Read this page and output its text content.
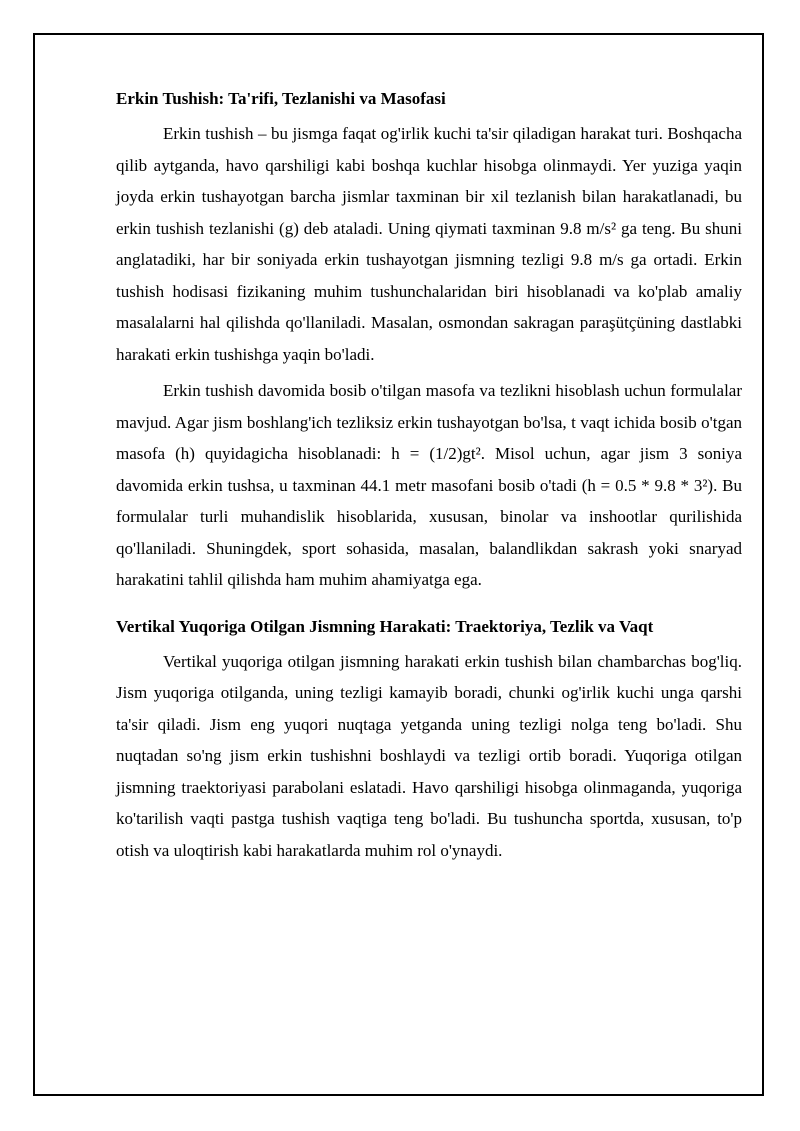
Erkin Tushish: Ta'rifi, Tezlanishi va Masofasi

Erkin tushish – bu jismga faqat og'irlik kuchi ta'sir qiladigan harakat turi. Boshqacha qilib aytganda, havo qarshiligi kabi boshqa kuchlar hisobga olinmaydi. Yer yuziga yaqin joyda erkin tushayotgan barcha jismlar taxminan bir xil tezlanish bilan harakatlanadi, bu erkin tushish tezlanishi (g) deb ataladi. Uning qiymati taxminan 9.8 m/s² ga teng. Bu shuni anglatadiki, har bir soniyada erkin tushayotgan jismning tezligi 9.8 m/s ga ortadi. Erkin tushish hodisasi fizikaning muhim tushunchalaridan biri hisoblanadi va ko'plab amaliy masalalarni hal qilishda qo'llaniladi. Masalan, osmondan sakragan paraşütçüning dastlabki harakati erkin tushishga yaqin bo'ladi.

Erkin tushish davomida bosib o'tilgan masofa va tezlikni hisoblash uchun formulalar mavjud. Agar jism boshlang'ich tezliksiz erkin tushayotgan bo'lsa, t vaqt ichida bosib o'tgan masofa (h) quyidagicha hisoblanadi: h = (1/2)gt². Misol uchun, agar jism 3 soniya davomida erkin tushsa, u taxminan 44.1 metr masofani bosib o'tadi (h = 0.5 * 9.8 * 3²). Bu formulalar turli muhandislik hisoblarida, xususan, binolar va inshootlar qurilishida qo'llaniladi. Shuningdek, sport sohasida, masalan, balandlikdan sakrash yoki snaryad harakatini tahlil qilishda ham muhim ahamiyatga ega.

Vertikal Yuqoriga Otilgan Jismning Harakati: Traektoriya, Tezlik va Vaqt

Vertikal yuqoriga otilgan jismning harakati erkin tushish bilan chambarchas bog'liq. Jism yuqoriga otilganda, uning tezligi kamayib boradi, chunki og'irlik kuchi unga qarshi ta'sir qiladi. Jism eng yuqori nuqtaga yetganda uning tezligi nolga teng bo'ladi. Shu nuqtadan so'ng jism erkin tushishni boshlaydi va tezligi ortib boradi. Yuqoriga otilgan jismning traektoriyasi parabolani eslatadi. Havo qarshiligi hisobga olinmaganda, yuqoriga ko'tarilish vaqti pastga tushish vaqtiga teng bo'ladi. Bu tushuncha sportda, xususan, to'p otish va uloqtirish kabi harakatlarda muhim rol o'ynaydi.
